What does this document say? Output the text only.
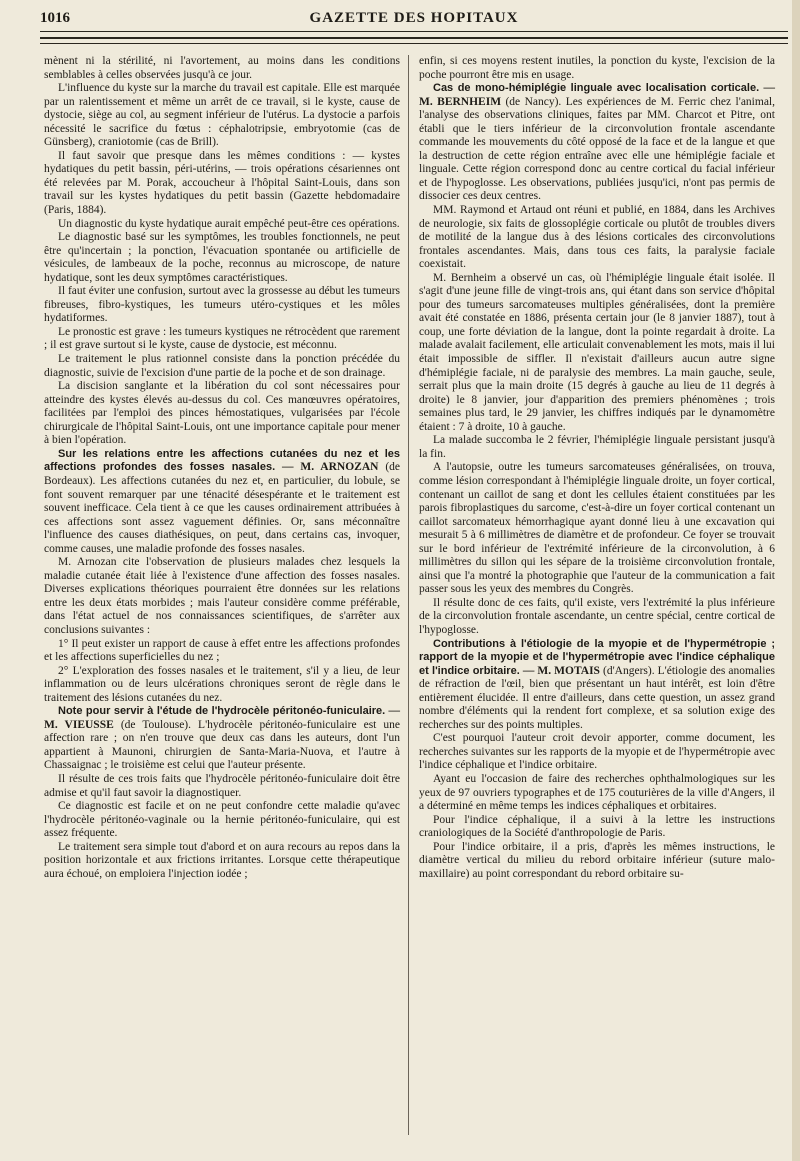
1016	GAZETTE DES HOPITAUX

mènent ni la stérilité, ni l'avortement, au moins dans les conditions semblables à celles observées jusqu'à ce jour.

L'influence du kyste sur la marche du travail est capitale. Elle est marquée par un ralentissement et même un arrêt de ce travail, si le kyste, cause de dystocie, siège au col, au segment inférieur de l'utérus. La dystocie a parfois nécessité le sacrifice du fœtus : céphalotripsie, embryotomie (cas de Günsberg), craniotomie (cas de Brill).

Il faut savoir que presque dans les mêmes conditions : — kystes hydatiques du petit bassin, péri-utérins, — trois opérations césariennes ont été relevées par M. Porak, accoucheur à l'hôpital Saint-Louis, dans son travail sur les kystes hydatiques du petit bassin (Gazette hebdomadaire (Paris, 1884).

Un diagnostic du kyste hydatique aurait empêché peut-être ces opérations.

Le diagnostic basé sur les symptômes, les troubles fonctionnels, ne peut être qu'incertain ; la ponction, l'évacuation spontanée ou artificielle de vésicules, de lambeaux de la poche, reconnus au microscope, de nature hydatique, sont les deux symptômes caractéristiques.

Il faut éviter une confusion, surtout avec la grossesse au début les tumeurs fibreuses, fibro-kystiques, les tumeurs utéro-cystiques et les môles hydatiformes.

Le pronostic est grave : les tumeurs kystiques ne rétrocèdent que rarement ; il est grave surtout si le kyste, cause de dystocie, est méconnu.

Le traitement le plus rationnel consiste dans la ponction précédée du diagnostic, suivie de l'excision d'une partie de la poche et de son drainage.

La discision sanglante et la libération du col sont nécessaires pour atteindre des kystes élevés au-dessus du col. Ces manœuvres opératoires, facilitées par l'emploi des pinces hémostatiques, vulgarisées par l'école chirurgicale de l'hôpital Saint-Louis, ont une importance capitale pour mener à bien l'opération.

Sur les relations entre les affections cutanées du nez et les affections profondes des fosses nasales. — M. ARNOZAN (de Bordeaux). Les affections cutanées du nez et, en particulier, du lobule, se font souvent remarquer par une ténacité désespérante et le traitement est souvent inefficace. Cela tient à ce que les causes ordinairement attribuées à ces affections sont assez vaguement définies. Or, sans méconnaître l'influence des causes diathésiques, on peut, dans certains cas, invoquer, comme causes, une maladie profonde des fosses nasales.

M. Arnozan cite l'observation de plusieurs malades chez lesquels la maladie cutanée était liée à l'existence d'une affection des fosses nasales. Diverses explications théoriques pourraient être données sur les relations entre les deux états morbides ; mais l'auteur considère comme préférable, dans l'état actuel de nos connaissances scientifiques, de s'arrêter aux conclusions suivantes :

1° Il peut exister un rapport de cause à effet entre les affections profondes et les affections superficielles du nez ;

2° L'exploration des fosses nasales et le traitement, s'il y a lieu, de leur inflammation ou de leurs ulcérations chroniques seront de règle dans le traitement des lésions cutanées du nez.

Note pour servir à l'étude de l'hydrocèle péritonéo-funiculaire. — M. VIEUSSE (de Toulouse). L'hydrocèle péritonéo-funiculaire est une affection rare ; on n'en trouve que deux cas dans les auteurs, dont l'un appartient à Maunoni, chirurgien de Santa-Maria-Nuova, et l'autre à Chassaignac ; le troisième est celui que l'auteur présente.

Il résulte de ces trois faits que l'hydrocèle péritonéo-funiculaire doit être admise et qu'il faut savoir la diagnostiquer.

Ce diagnostic est facile et on ne peut confondre cette maladie qu'avec l'hydrocèle péritonéo-vaginale ou la hernie péritonéo-funiculaire, qui est assez fréquente.

Le traitement sera simple tout d'abord et on aura recours au repos dans la position horizontale et aux frictions irritantes. Lorsque cette thérapeutique aura échoué, on emploiera l'injection iodée ;

enfin, si ces moyens restent inutiles, la ponction du kyste, l'excision de la poche pourront être mis en usage.

Cas de mono-hémiplégie linguale avec localisation corticale. — M. BERNHEIM (de Nancy). Les expériences de M. Ferric chez l'animal, l'analyse des observations cliniques, faites par MM. Charcot et Pitre, ont établi que le tiers inférieur de la circonvolution frontale ascendante commande les mouvements du côté opposé de la face et de la langue et que la destruction de cette région entraîne avec elle une hémiplégie faciale et linguale. Cette région correspond donc au centre cortical du facial inférieur et de l'hypoglosse. Les observations, publiées jusqu'ici, n'ont pas permis de dissocier ces deux centres.

MM. Raymond et Artaud ont réuni et publié, en 1884, dans les Archives de neurologie, six faits de glossoplégie corticale ou plutôt de troubles divers de motilité de la langue dus à des lésions corticales des circonvolutions frontales ascendantes. Mais, dans tous ces faits, la paralysie faciale coexistait.

M. Bernheim a observé un cas, où l'hémiplégie linguale était isolée. Il s'agit d'une jeune fille de vingt-trois ans, qui étant dans son service d'hôpital pour des tumeurs sarcomateuses multiples généralisées, dont la première avait été constatée en 1886, présenta certain jour (le 8 janvier 1887), tout à coup, une forte déviation de la langue, dont la pointe regardait à droite. La malade avalait facilement, elle articulait convenablement les mots, mais il lui était impossible de siffler. Il n'existait d'ailleurs aucun autre signe d'hémiplégie faciale, ni de paralysie des membres. La main gauche, seule, serrait plus que la main droite (15 degrés à gauche au lieu de 11 degrés à droite) le 8 janvier, jour d'apparition des premiers phénomènes ; trois semaines plus tard, le 29 janvier, les chiffres indiqués par le dynamomètre étaient : 7 à droite, 10 à gauche.

La malade succomba le 2 février, l'hémiplégie linguale persistant jusqu'à la fin.

A l'autopsie, outre les tumeurs sarcomateuses généralisées, on trouva, comme lésion correspondant à l'hémiplégie linguale droite, un foyer cortical, contenant un caillot de sang et dont les cellules étaient constituées par les parois fibroplastiques du sarcome, c'est-à-dire un foyer cortical contenant un caillot sarcomateux hémorrhagique ayant donné lieu à une excavation qui mesurait 5 à 6 millimètres de diamètre et de profondeur. Ce foyer se trouvait sur le bord inférieur de l'extrémité inférieure de la circonvolution, à 6 millimètres du sillon qui les sépare de la troisième circonvolution frontale, ainsi que l'a montré la photographie que l'auteur de la communication a fait passer sous les yeux des membres du Congrès.

Il résulte donc de ces faits, qu'il existe, vers l'extrémité la plus inférieure de la circonvolution frontale ascendante, un centre spécial, centre cortical de l'hypoglosse.

Contributions à l'étiologie de la myopie et de l'hypermétropie ; rapport de la myopie et de l'hypermétropie avec l'indice céphalique et l'indice orbitaire. — M. MOTAIS (d'Angers). L'étiologie des anomalies de réfraction de l'œil, bien que présentant un haut intérêt, est loin d'être entièrement élucidée. Il entre d'ailleurs, dans cette question, un assez grand nombre d'éléments qui la rendent fort complexe, et sa solution exige des recherches sur des points multiples.

C'est pourquoi l'auteur croit devoir apporter, comme document, les recherches suivantes sur les rapports de la myopie et de l'hypermétropie avec l'indice céphalique et l'indice orbitaire.

Ayant eu l'occasion de faire des recherches ophthalmologiques sur les yeux de 97 ouvriers typographes et de 175 couturières de la ville d'Angers, il a déterminé en même temps les indices céphaliques et orbitaires.

Pour l'indice céphalique, il a suivi à la lettre les instructions craniologiques de la Société d'anthropologie de Paris.

Pour l'indice orbitaire, il a pris, d'après les mêmes instructions, le diamètre vertical du milieu du rebord orbitaire inférieur (suture malo-maxillaire) au point correspondant du rebord orbitaire su-
